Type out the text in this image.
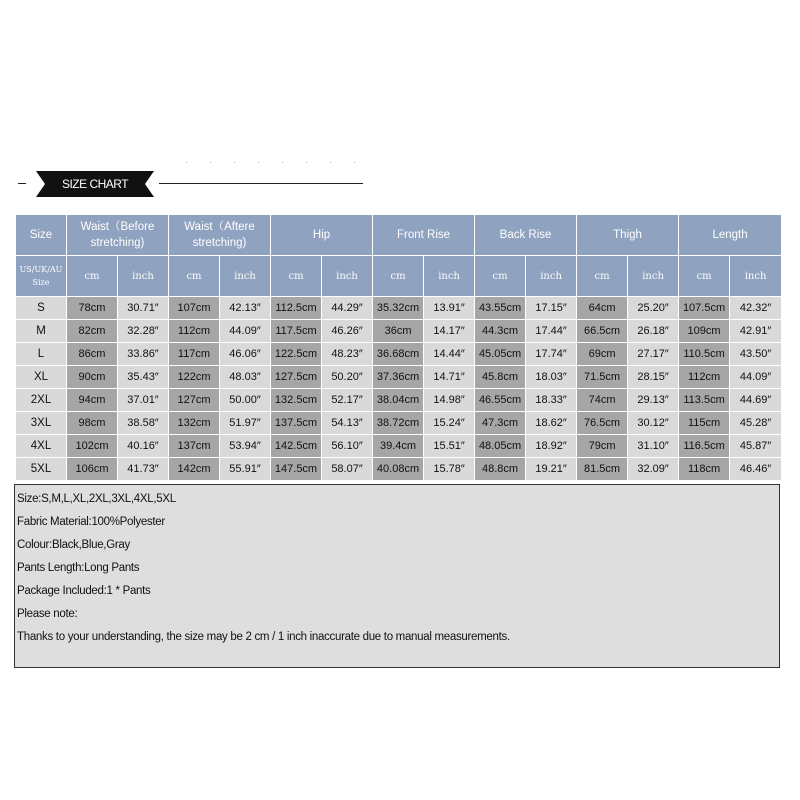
SIZE CHART
Size	Waist（Before stretching)		Waist（Aftere stretching)		Hip		Front Rise		Back Rise		Thigh		Length	
US/UK/AU Size	cm	inch	cm	inch	cm	inch	cm	inch	cm	inch	cm	inch	cm	inch
S	78cm	30.71″	107cm	42.13″	112.5cm	44.29″	35.32cm	13.91″	43.55cm	17.15″	64cm	25.20″	107.5cm	42.32″
M	82cm	32.28″	112cm	44.09″	117.5cm	46.26″	36cm	14.17″	44.3cm	17.44″	66.5cm	26.18″	109cm	42.91″
L	86cm	33.86″	117cm	46.06″	122.5cm	48.23″	36.68cm	14.44″	45.05cm	17.74″	69cm	27.17″	110.5cm	43.50″
XL	90cm	35.43″	122cm	48.03″	127.5cm	50.20″	37.36cm	14.71″	45.8cm	18.03″	71.5cm	28.15″	112cm	44.09″
2XL	94cm	37.01″	127cm	50.00″	132.5cm	52.17″	38.04cm	14.98″	46.55cm	18.33″	74cm	29.13″	113.5cm	44.69″
3XL	98cm	38.58″	132cm	51.97″	137.5cm	54.13″	38.72cm	15.24″	47.3cm	18.62″	76.5cm	30.12″	115cm	45.28″
4XL	102cm	40.16″	137cm	53.94″	142.5cm	56.10″	39.4cm	15.51″	48.05cm	18.92″	79cm	31.10″	116.5cm	45.87″
5XL	106cm	41.73″	142cm	55.91″	147.5cm	58.07″	40.08cm	15.78″	48.8cm	19.21″	81.5cm	32.09″	118cm	46.46″
Size:S,M,L,XL,2XL,3XL,4XL,5XL
Fabric Material:100%Polyester
Colour:Black,Blue,Gray
Pants Length:Long Pants
Package Included:1 * Pants
Please note:
Thanks to your understanding, the size may be 2 cm / 1 inch inaccurate due to manual measurements.
